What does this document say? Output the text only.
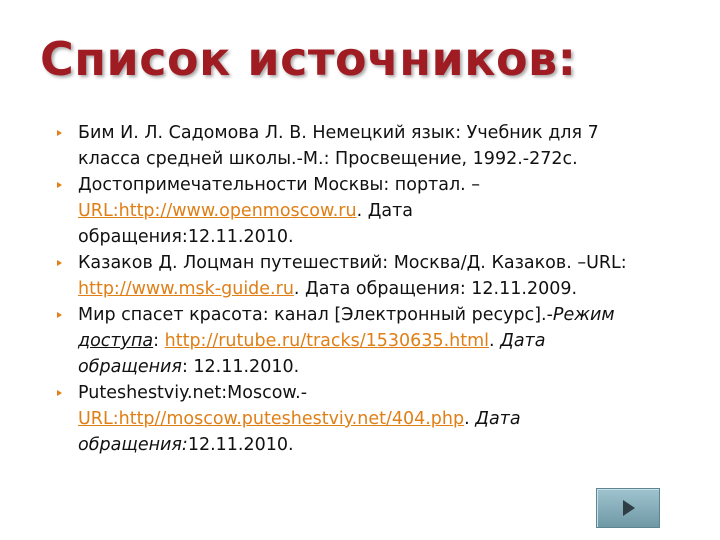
Список источников:
Бим И. Л. Садомова Л. В. Немецкий язык: Учебник для 7
класса средней школы.-М.: Просвещение, 1992.-272с.
Достопримечательности Москвы: портал. –
URL:http://www.openmoscow.ru. Дата
обращения:12.11.2010.
Казаков Д. Лоцман путешествий: Москва/Д. Казаков. –URL:
http://www.msk-guide.ru. Дата обращения: 12.11.2009.
Мир спасет красота: канал [Электронный ресурс].-Режим
доступа: http://rutube.ru/tracks/1530635.html. Дата
обращения: 12.11.2010.
Puteshestviy.net:Moscow.-
URL:http//moscow.puteshestviy.net/404.php. Дата
обращения:12.11.2010.
